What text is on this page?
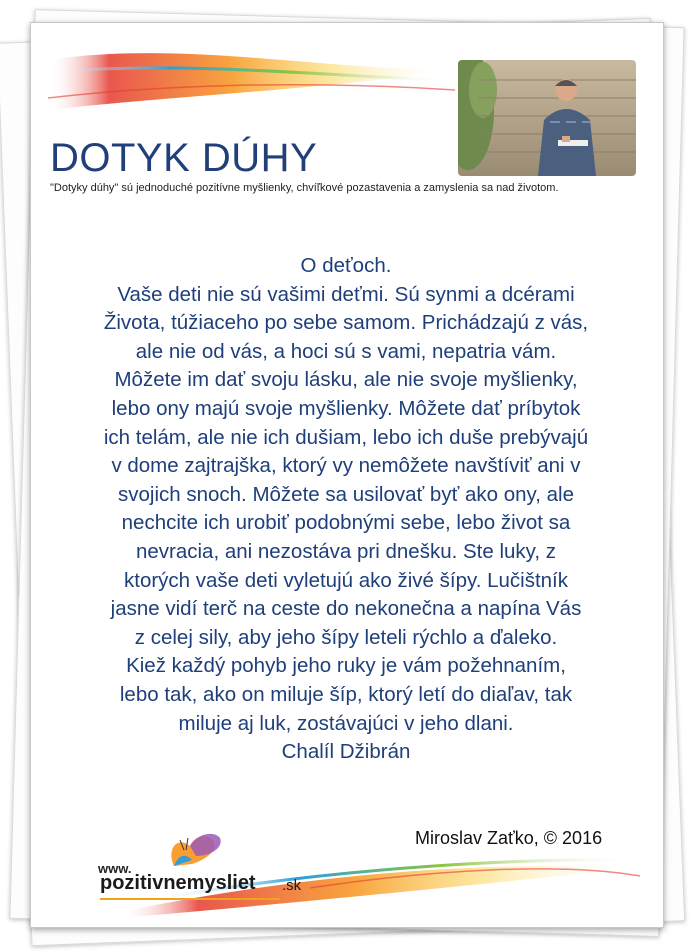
DOTYK DÚHY
"Dotyky dúhy" sú jednoduché pozitívne myšlienky, chvíľkové pozastavenia a zamyslenia sa nad životom.
O deťoch.
Vaše deti nie sú vašimi deťmi. Sú synmi a dcérami
Života, túžiaceho po sebe samom. Prichádzajú z vás,
ale nie od vás, a hoci sú s vami, nepatria vám.
Môžete im dať svoju lásku, ale nie svoje myšlienky,
lebo ony majú svoje myšlienky. Môžete dať príbytok
ich telám, ale nie ich dušiam, lebo ich duše prebývajú
v dome zajtrajška, ktorý vy nemôžete navštíviť ani v
svojich snoch. Môžete sa usilovať byť ako ony, ale
nechcite ich urobiť podobnými sebe, lebo život sa
nevracia, ani nezostáva pri dnešku. Ste luky, z
ktorých vaše deti vyletujú ako živé šípy. Lučištník
jasne vidí terč na ceste do nekonečna a napína Vás
z celej sily, aby jeho šípy leteli rýchlo a ďaleko.
Kiež každý pohyb jeho ruky je vám požehnaním,
lebo tak, ako on miluje šíp, ktorý letí do diaľav, tak
miluje aj luk, zostávajúci v jeho dlani.
Chalíl Džibrán
Miroslav Zaťko, © 2016
www.
pozitivnemysliet .sk
